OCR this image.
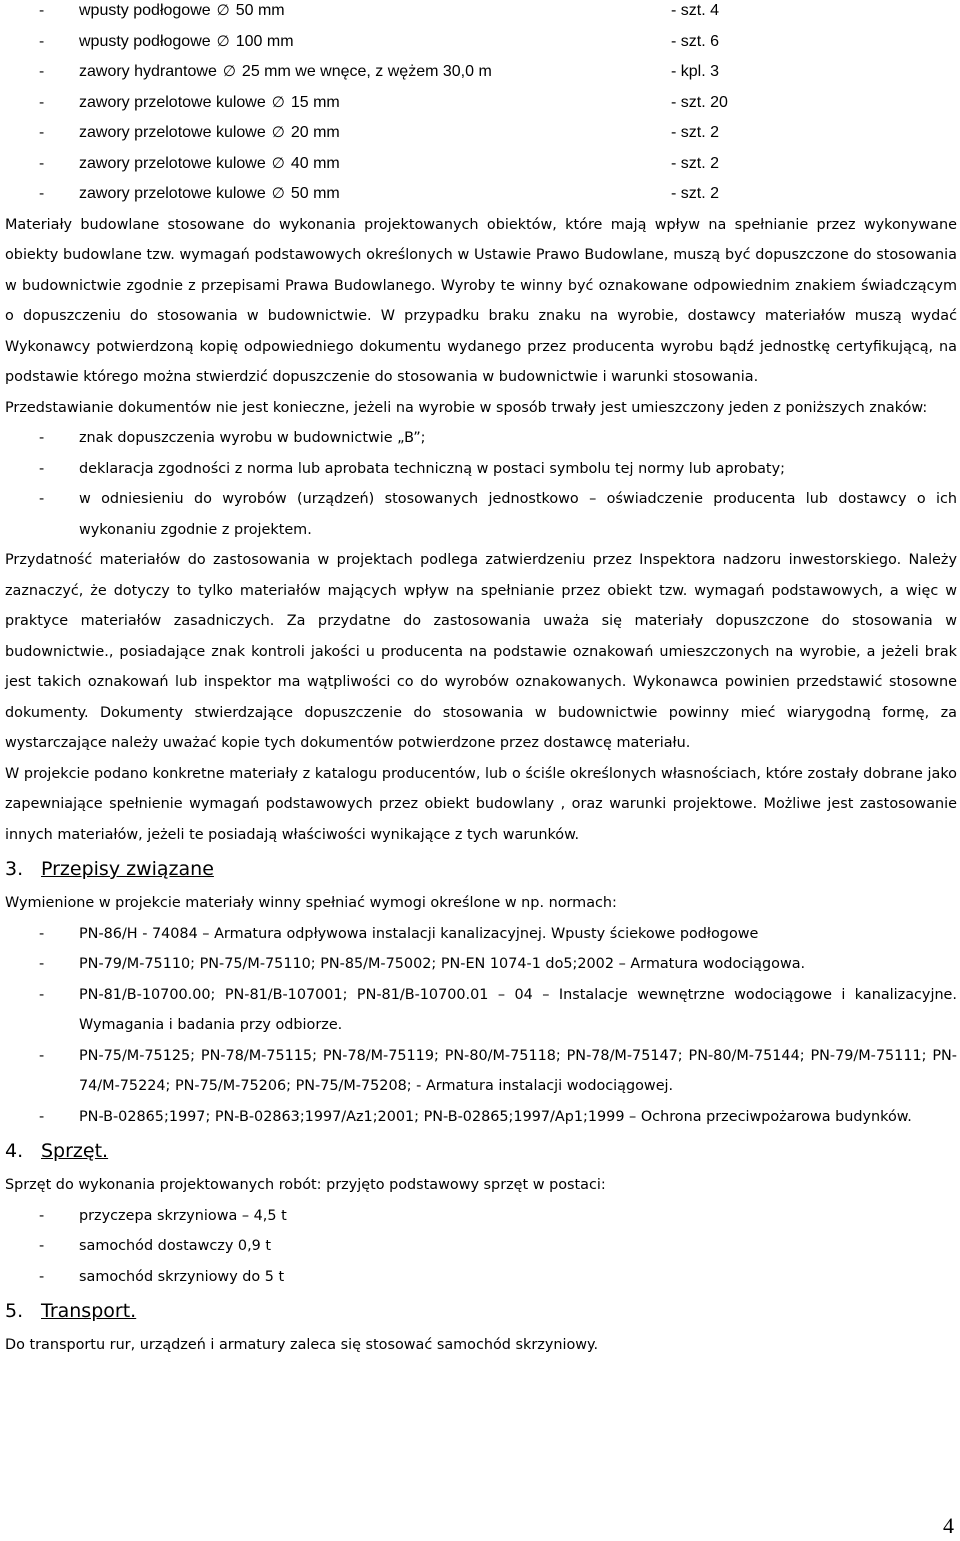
- wpusty podłogowe ∅ 50 mm	- szt. 4
- wpusty podłogowe ∅ 100 mm	- szt. 6
- zawory hydrantowe ∅ 25 mm we wnęce, z wężem 30,0 m	- kpl. 3
- zawory przelotowe kulowe ∅ 15 mm	- szt. 20
- zawory przelotowe kulowe ∅ 20 mm	- szt. 2
- zawory przelotowe kulowe ∅ 40 mm	- szt. 2
- zawory przelotowe kulowe ∅ 50 mm	- szt. 2

Materiały budowlane stosowane do wykonania projektowanych obiektów, które mają wpływ na spełnianie przez wykonywane obiekty budowlane tzw. wymagań podstawowych określonych w Ustawie Prawo Budowlane, muszą być dopuszczone do stosowania w budownictwie zgodnie z przepisami Prawa Budowlanego. Wyroby te winny być oznakowane odpowiednim znakiem świadczącym o dopuszczeniu do stosowania w budownictwie. W przypadku braku znaku na wyrobie, dostawcy materiałów muszą wydać Wykonawcy potwierdzoną kopię odpowiedniego dokumentu wydanego przez producenta wyrobu bądź jednostkę certyfikującą, na podstawie którego można stwierdzić dopuszczenie do stosowania w budownictwie i warunki stosowania.

Przedstawianie dokumentów nie jest konieczne, jeżeli na wyrobie w sposób trwały jest umieszczony jeden z poniższych znaków:

- znak dopuszczenia wyrobu w budownictwie „B”;
- deklaracja zgodności z norma lub aprobata techniczną w postaci symbolu tej normy lub aprobaty;
- w odniesieniu do wyrobów (urządzeń) stosowanych jednostkowo – oświadczenie producenta lub dostawcy o ich wykonaniu zgodnie z projektem.

Przydatność materiałów do zastosowania w projektach podlega zatwierdzeniu przez Inspektora nadzoru inwestorskiego. Należy zaznaczyć, że dotyczy to tylko materiałów mających wpływ na spełnianie przez obiekt tzw. wymagań podstawowych, a więc w praktyce materiałów zasadniczych. Za przydatne do zastosowania uważa się materiały dopuszczone do stosowania w budownictwie., posiadające znak kontroli jakości u producenta na podstawie oznakowań umieszczonych na wyrobie, a jeżeli brak jest takich oznakowań lub inspektor ma wątpliwości co do wyrobów oznakowanych. Wykonawca powinien przedstawić stosowne dokumenty. Dokumenty stwierdzające dopuszczenie do stosowania w budownictwie powinny mieć wiarygodną formę, za wystarczające należy uważać kopie tych dokumentów potwierdzone przez dostawcę materiału.

W projekcie podano konkretne materiały z katalogu producentów, lub o ściśle określonych własnościach, które zostały dobrane jako zapewniające spełnienie wymagań podstawowych przez obiekt budowlany , oraz warunki projektowe. Możliwe jest zastosowanie innych materiałów, jeżeli te posiadają właściwości wynikające z tych warunków.

3. Przepisy związane

Wymienione w projekcie materiały winny spełniać wymogi określone w np. normach:

- PN-86/H - 74084 – Armatura odpływowa instalacji kanalizacyjnej. Wpusty ściekowe podłogowe
- PN-79/M-75110; PN-75/M-75110; PN-85/M-75002; PN-EN 1074-1 do5;2002 – Armatura wodociągowa.
- PN-81/B-10700.00; PN-81/B-107001; PN-81/B-10700.01 – 04 – Instalacje wewnętrzne wodociągowe i kanalizacyjne. Wymagania i badania przy odbiorze.
- PN-75/M-75125; PN-78/M-75115; PN-78/M-75119; PN-80/M-75118; PN-78/M-75147; PN-80/M-75144; PN-79/M-75111; PN-74/M-75224; PN-75/M-75206; PN-75/M-75208; - Armatura instalacji wodociągowej.
- PN-B-02865;1997; PN-B-02863;1997/Az1;2001; PN-B-02865;1997/Ap1;1999 – Ochrona przeciwpożarowa budynków.
4. Sprzęt.

Sprzęt do wykonania projektowanych robót: przyjęto podstawowy sprzęt w postaci:

- przyczepa skrzyniowa – 4,5 t
- samochód dostawczy 0,9 t
- samochód skrzyniowy do 5 t
5. Transport.

Do transportu rur, urządzeń i armatury zaleca się stosować samochód skrzyniowy.

4
